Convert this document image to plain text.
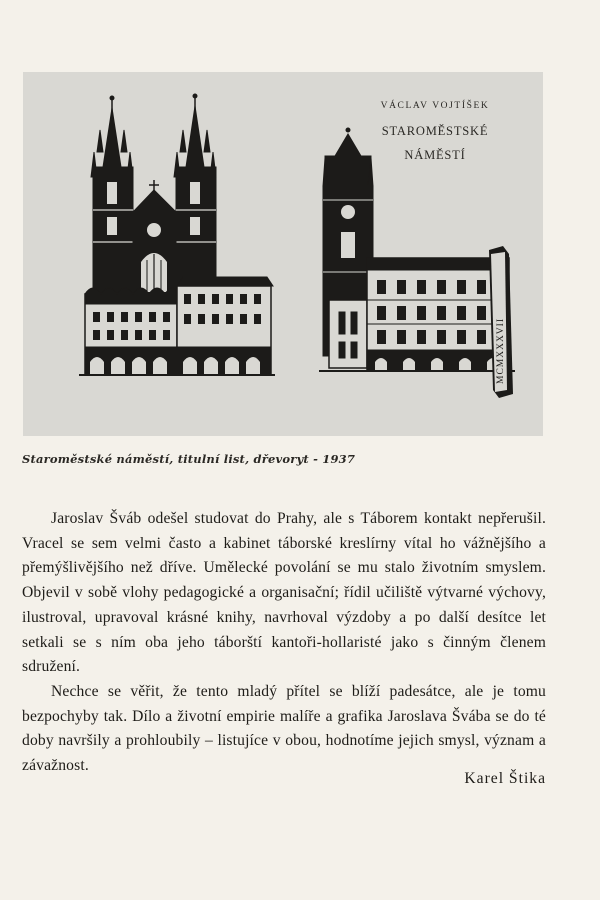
MCMXXXVII
VÁCLAV VOJTÍŠEK
STAROMĚSTSKÉ
NÁMĚSTÍ
Staroměstské náměstí, titulní list, dřevoryt - 1937

Jaroslav Šváb odešel studovat do Prahy, ale s Táborem kontakt nepřerušil. Vracel se sem velmi často a kabinet táborské kreslírny vítal ho vážnějšího a přemýšlivějšího než dříve. Umělecké povolání se mu stalo životním smyslem. Objevil v sobě vlohy pedagogické a organisační; řídil učiliště výtvarné výchovy, ilustroval, upravoval krásné knihy, navrhoval výzdoby a po další desítce let setkali se s ním oba jeho táborští kantoři-hollaristé jako s činným členem sdružení.

Nechce se věřit, že tento mladý přítel se blíží padesátce, ale je tomu bezpochyby tak. Dílo a životní empirie malíře a grafika Jaroslava Švába se do té doby navršily a prohloubily – listujíce v obou, hodnotíme jejich smysl, význam a závažnost.

Karel Štika
